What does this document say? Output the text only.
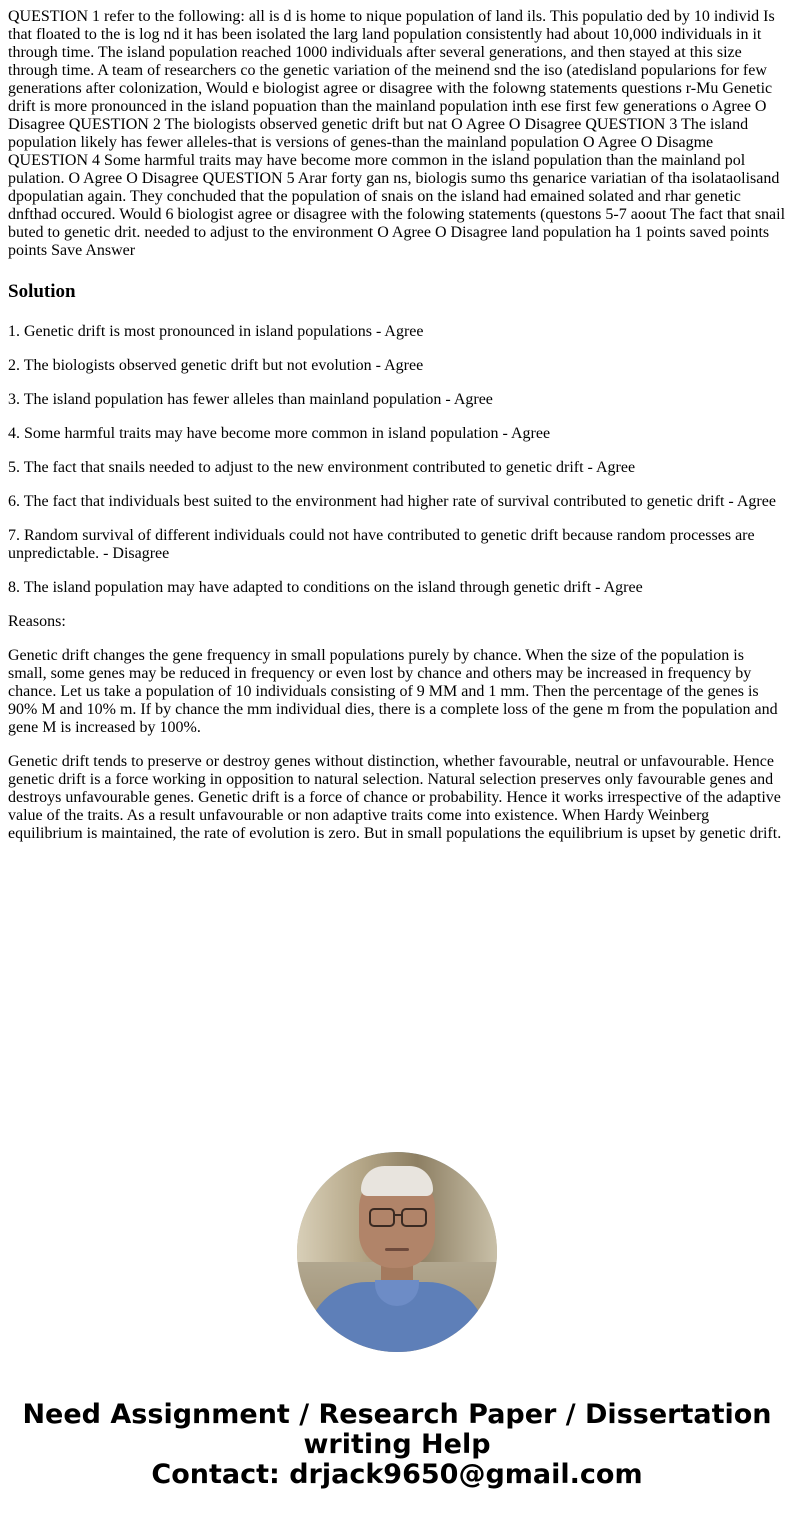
QUESTION 1 refer to the following: all is d is home to nique population of land ils. This populatio ded by 10 individ Is that floated to the is log nd it has been isolated the larg land population consistently had about 10,000 individuals in it through time. The island population reached 1000 individuals after several generations, and then stayed at this size through time. A team of researchers co the genetic variation of the meinend snd the iso (atedisland popularions for few generations after colonization, Would e biologist agree or disagree with the folowng statements questions r-Mu Genetic drift is more pronounced in the island popuation than the mainland population inth ese first few generations o Agree O Disagree QUESTION 2 The biologists observed genetic drift but nat O Agree O Disagree QUESTION 3 The island population likely has fewer alleles-that is versions of genes-than the mainland population O Agree O Disagme QUESTION 4 Some harmful traits may have become more common in the island population than the mainland pol pulation. O Agree O Disagree QUESTION 5 Arar forty gan ns, biologis sumo ths genarice variatian of tha isolataolisand dpopulatian again. They conchuded that the population of snais on the island had emained solated and rhar genetic dnfthad occured. Would 6 biologist agree or disagree with the folowing statements (questons 5-7 aoout The fact that snail buted to genetic drit. needed to adjust to the environment O Agree O Disagree land population ha 1 points saved points points Save Answer

Solution

1. Genetic drift is most pronounced in island populations - Agree

2. The biologists observed genetic drift but not evolution - Agree

3. The island population has fewer alleles than mainland population - Agree

4. Some harmful traits may have become more common in island population - Agree

5. The fact that snails needed to adjust to the new environment contributed to genetic drift - Agree

6. The fact that individuals best suited to the environment had higher rate of survival contributed to genetic drift - Agree

7. Random survival of different individuals could not have contributed to genetic drift because random processes are unpredictable. - Disagree

8. The island population may have adapted to conditions on the island through genetic drift - Agree

Reasons:

Genetic drift changes the gene frequency in small populations purely by chance. When the size of the population is small, some genes may be reduced in frequency or even lost by chance and others may be increased in frequency by chance. Let us take a population of 10 individuals consisting of 9 MM and 1 mm. Then the percentage of the genes is 90% M and 10% m. If by chance the mm individual dies, there is a complete loss of the gene m from the population and gene M is increased by 100%.

Genetic drift tends to preserve or destroy genes without distinction, whether favourable, neutral or unfavourable. Hence genetic drift is a force working in opposition to natural selection. Natural selection preserves only favourable genes and destroys unfavourable genes. Genetic drift is a force of chance or probability. Hence it works irrespective of the adaptive value of the traits. As a result unfavourable or non adaptive traits come into existence. When Hardy Weinberg equilibrium is maintained, the rate of evolution is zero. But in small populations the equilibrium is upset by genetic drift.

Need Assignment / Research Paper / Dissertation
writing Help
Contact: drjack9650@gmail.com
